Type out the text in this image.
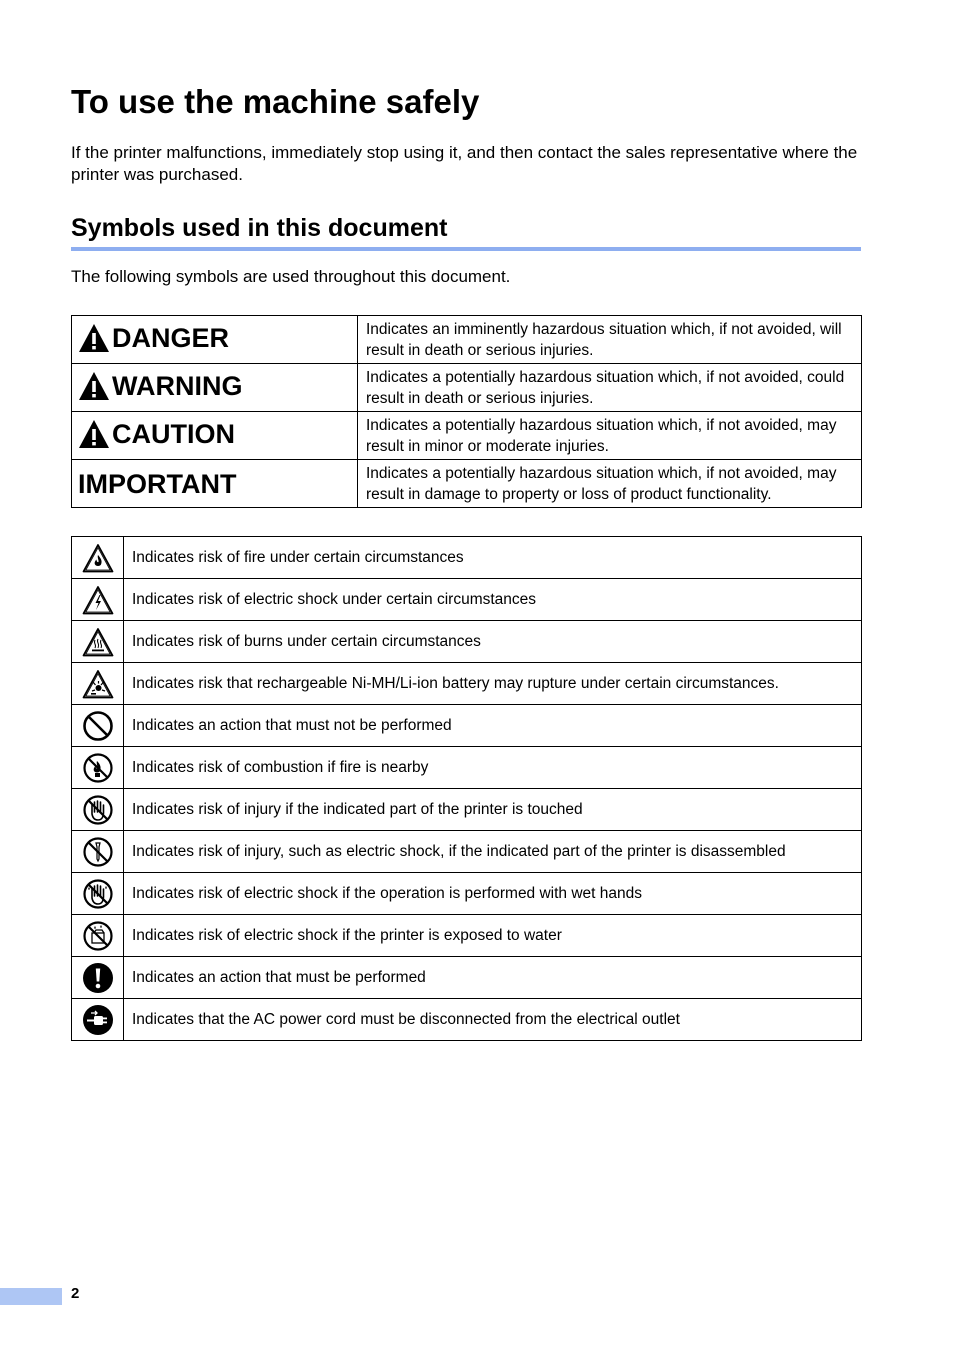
To use the machine safely

If the printer malfunctions, immediately stop using it, and then contact the sales representative where the printer was purchased.

Symbols used in this document

The following symbols are used throughout this document.

DANGER	Indicates an imminently hazardous situation which, if not avoided, will result in death or serious injuries.

WARNING	Indicates a potentially hazardous situation which, if not avoided, could result in death or serious injuries.

CAUTION	Indicates a potentially hazardous situation which, if not avoided, may result in minor or moderate injuries.

IMPORTANT	Indicates a potentially hazardous situation which, if not avoided, may result in damage to property or loss of product functionality.
	Indicates risk of fire under certain circumstances

	Indicates risk of electric shock under certain circumstances

	Indicates risk of burns under certain circumstances

	Indicates risk that rechargeable Ni-MH/Li-ion battery may rupture under certain circumstances.

	Indicates an action that must not be performed

	Indicates risk of combustion if fire is nearby

	Indicates risk of injury if the indicated part of the printer is touched

	Indicates risk of injury, such as electric shock, if the indicated part of the printer is disassembled

	Indicates risk of electric shock if the operation is performed with wet hands

	Indicates risk of electric shock if the printer is exposed to water

	Indicates an action that must be performed

	Indicates that the AC power cord must be disconnected from the electrical outlet
2
